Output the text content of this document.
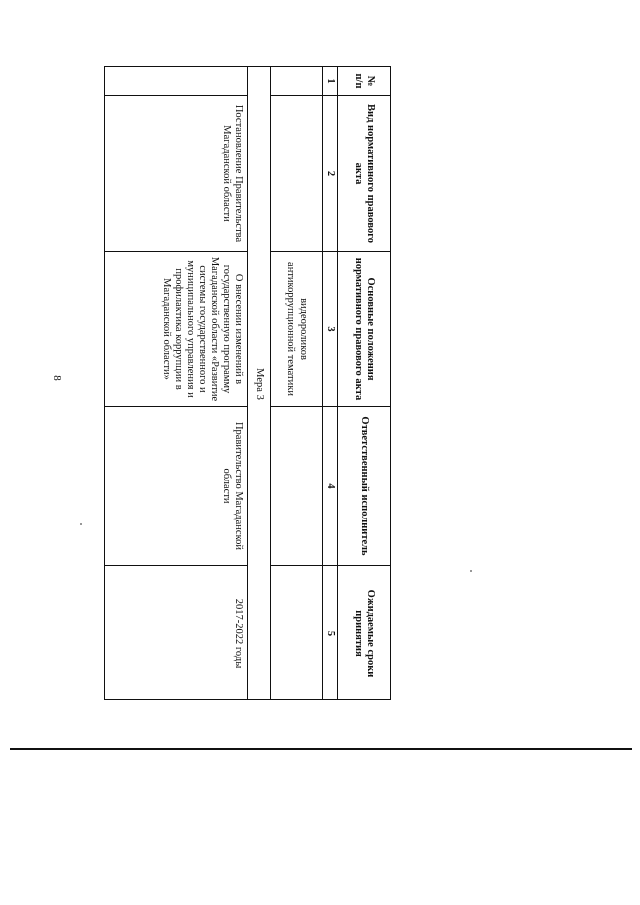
8
№ п/п
Вид нормативного правового акта
Основные положения нормативного правового акта
Ответственный исполнитель
Ожидаемые сроки принятия
1
2
3
4
5
видеороликов антикоррупционной тематики
Мера 3
Постановление Правительства Магаданской области
О внесении изменений в государственную программу Магаданской области «Развитие системы государственного и муниципального управления и профилактика коррупции в Магаданской области»
Правительство Магаданской области
2017-2022 годы
